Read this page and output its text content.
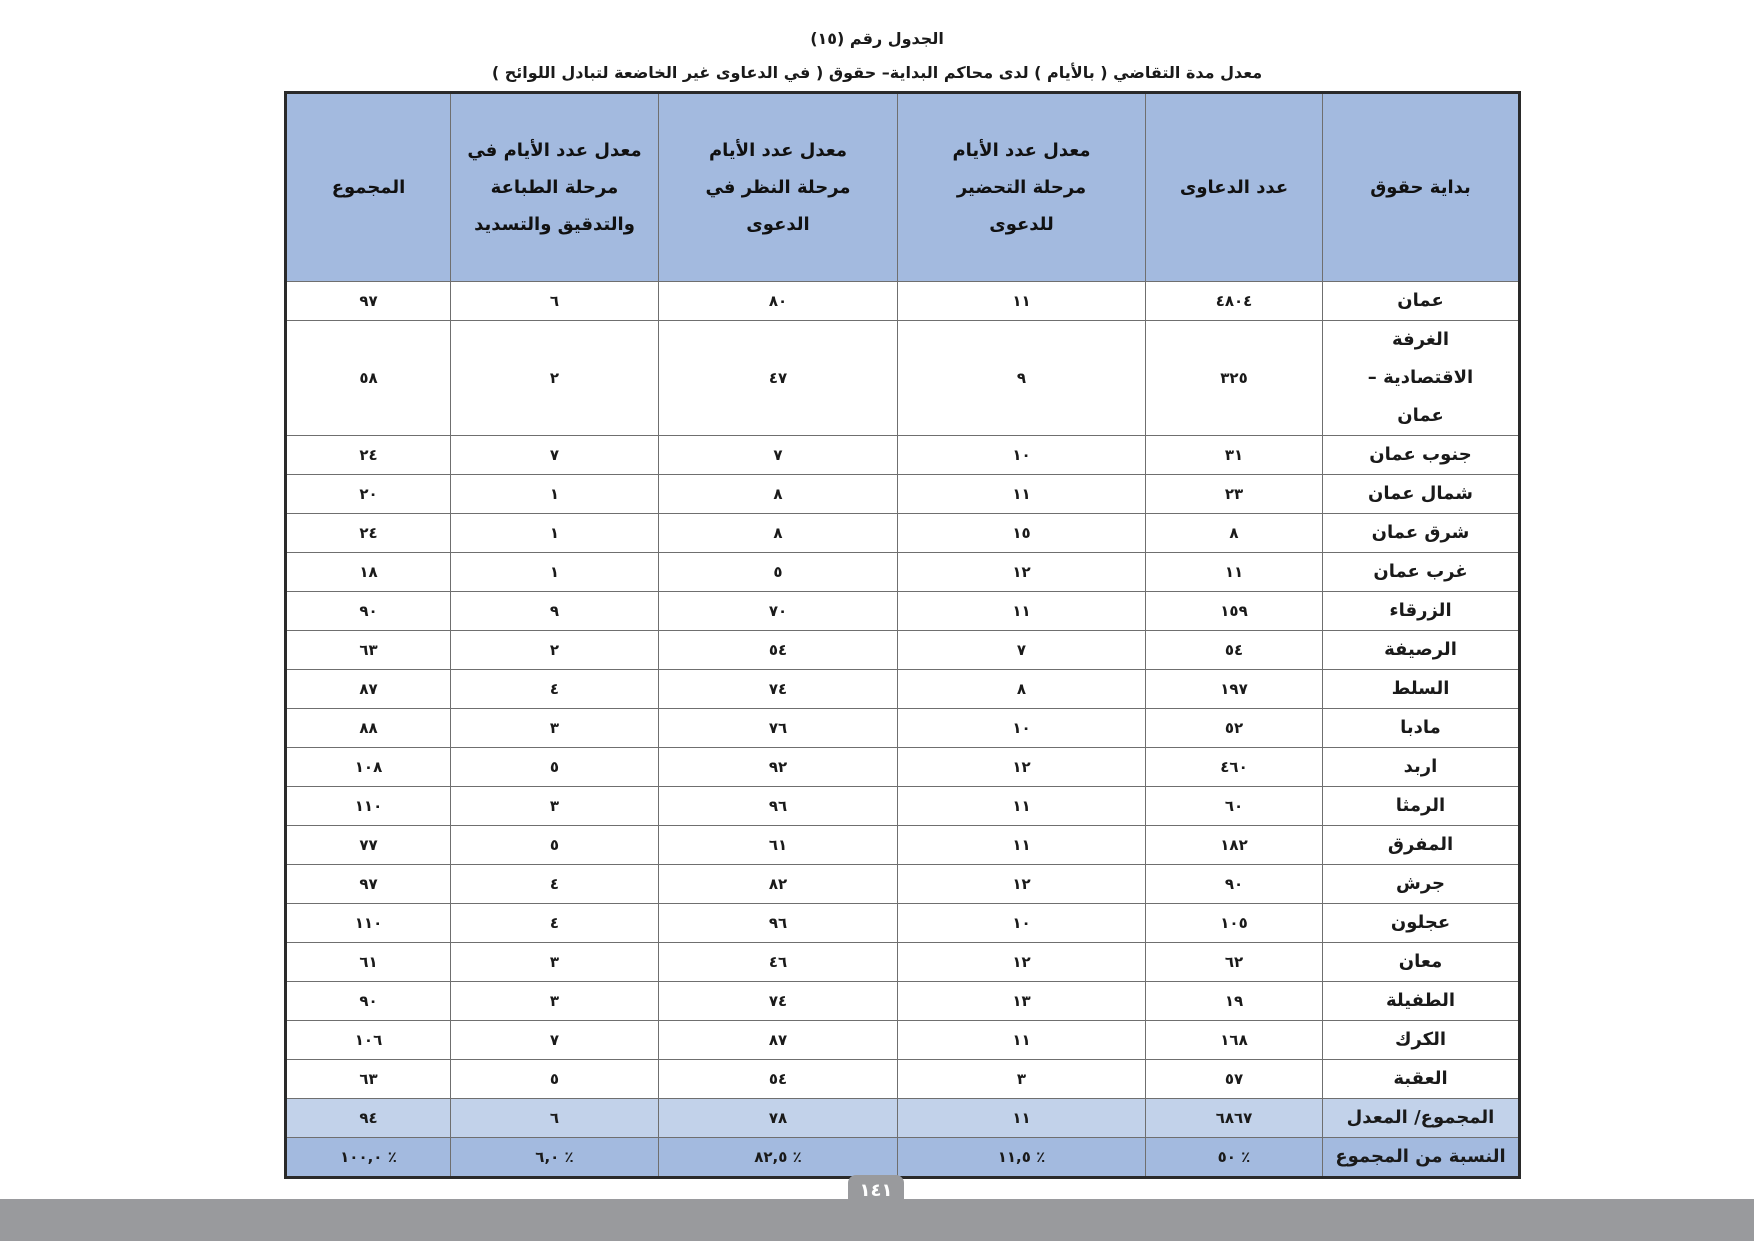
الجدول رقم (١٥)
معدل مدة التقاضي ( بالأيام ) لدى محاكم البداية– حقوق ( في الدعاوى غير الخاضعة لتبادل اللوائح )
بداية حقوق	عدد الدعاوى	معدل عدد الأيام مرحلة التحضير للدعوى	معدل عدد الأيام مرحلة النظر في الدعوى	معدل عدد الأيام في مرحلة الطباعة والتدقيق والتسديد	المجموع
عمان	٤٨٠٤	١١	٨٠	٦	٩٧

الغرفة الاقتصادية – عمان	٣٢٥	٩	٤٧	٢	٥٨
جنوب عمان	٣١	١٠	٧	٧	٢٤
شمال عمان	٢٣	١١	٨	١	٢٠
شرق عمان	٨	١٥	٨	١	٢٤
غرب عمان	١١	١٢	٥	١	١٨
الزرقاء	١٥٩	١١	٧٠	٩	٩٠
الرصيفة	٥٤	٧	٥٤	٢	٦٣
السلط	١٩٧	٨	٧٤	٤	٨٧
مادبا	٥٢	١٠	٧٦	٣	٨٨
اربد	٤٦٠	١٢	٩٢	٥	١٠٨
الرمثا	٦٠	١١	٩٦	٣	١١٠
المفرق	١٨٢	١١	٦١	٥	٧٧
جرش	٩٠	١٢	٨٢	٤	٩٧
عجلون	١٠٥	١٠	٩٦	٤	١١٠
معان	٦٢	١٢	٤٦	٣	٦١
الطفيلة	١٩	١٣	٧٤	٣	٩٠
الكرك	١٦٨	١١	٨٧	٧	١٠٦
العقبة	٥٧	٣	٥٤	٥	٦٣
المجموع/ المعدل	٦٨٦٧	١١	٧٨	٦	٩٤
النسبة من المجموع	٪ ٥٠	٪ ١١,٥	٪ ٨٢,٥	٪ ٦,٠	٪ ١٠٠,٠
١٤١
